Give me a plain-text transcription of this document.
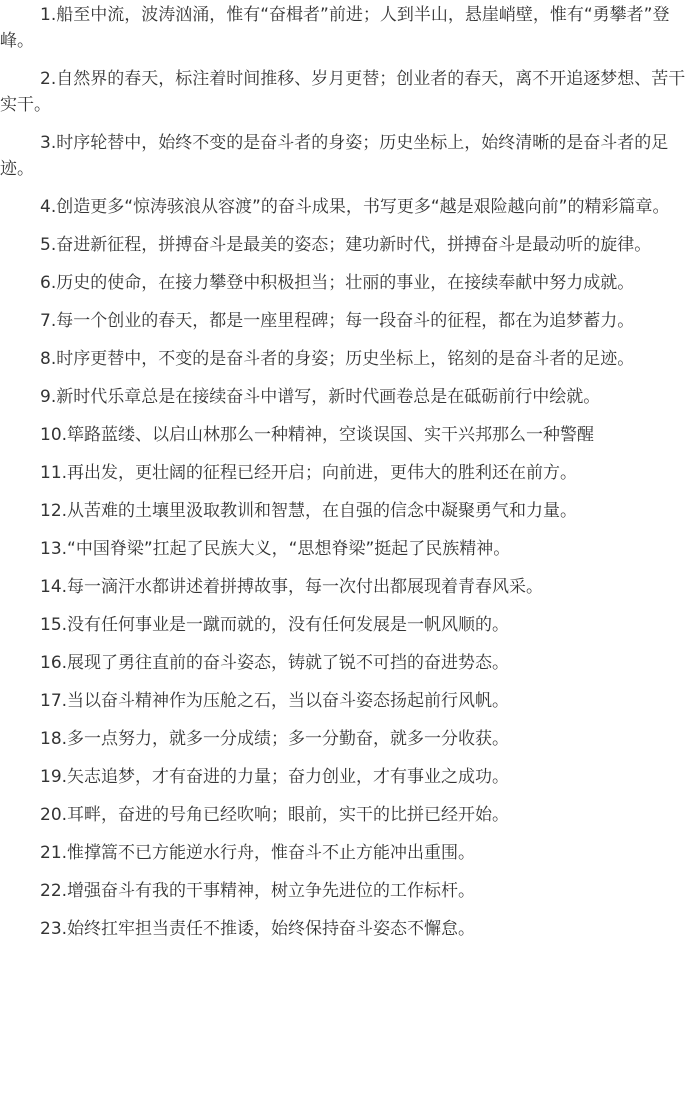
1.船至中流，波涛汹涌，惟有“奋楫者”前进；人到半山，悬崖峭壁，惟有“勇攀者”登峰。

2.自然界的春天，标注着时间推移、岁月更替；创业者的春天，离不开追逐梦想、苦干实干。

3.时序轮替中，始终不变的是奋斗者的身姿；历史坐标上，始终清晰的是奋斗者的足迹。

4.创造更多“惊涛骇浪从容渡”的奋斗成果，书写更多“越是艰险越向前”的精彩篇章。

5.奋进新征程，拼搏奋斗是最美的姿态；建功新时代，拼搏奋斗是最动听的旋律。

6.历史的使命，在接力攀登中积极担当；壮丽的事业，在接续奉献中努力成就。

7.每一个创业的春天，都是一座里程碑；每一段奋斗的征程，都在为追梦蓄力。

8.时序更替中，不变的是奋斗者的身姿；历史坐标上，铭刻的是奋斗者的足迹。

9.新时代乐章总是在接续奋斗中谱写，新时代画卷总是在砥砺前行中绘就。

10.筚路蓝缕、以启山林那么一种精神，空谈误国、实干兴邦那么一种警醒

11.再出发，更壮阔的征程已经开启；向前进，更伟大的胜利还在前方。

12.从苦难的土壤里汲取教训和智慧，在自强的信念中凝聚勇气和力量。

13.“中国脊梁”扛起了民族大义，“思想脊梁”挺起了民族精神。

14.每一滴汗水都讲述着拼搏故事，每一次付出都展现着青春风采。

15.没有任何事业是一蹴而就的，没有任何发展是一帆风顺的。

16.展现了勇往直前的奋斗姿态，铸就了锐不可挡的奋进势态。

17.当以奋斗精神作为压舱之石，当以奋斗姿态扬起前行风帆。

18.多一点努力，就多一分成绩；多一分勤奋，就多一分收获。

19.矢志追梦，才有奋进的力量；奋力创业，才有事业之成功。

20.耳畔，奋进的号角已经吹响；眼前，实干的比拼已经开始。

21.惟撑篙不已方能逆水行舟，惟奋斗不止方能冲出重围。

22.增强奋斗有我的干事精神，树立争先进位的工作标杆。

23.始终扛牢担当责任不推诿，始终保持奋斗姿态不懈怠。
